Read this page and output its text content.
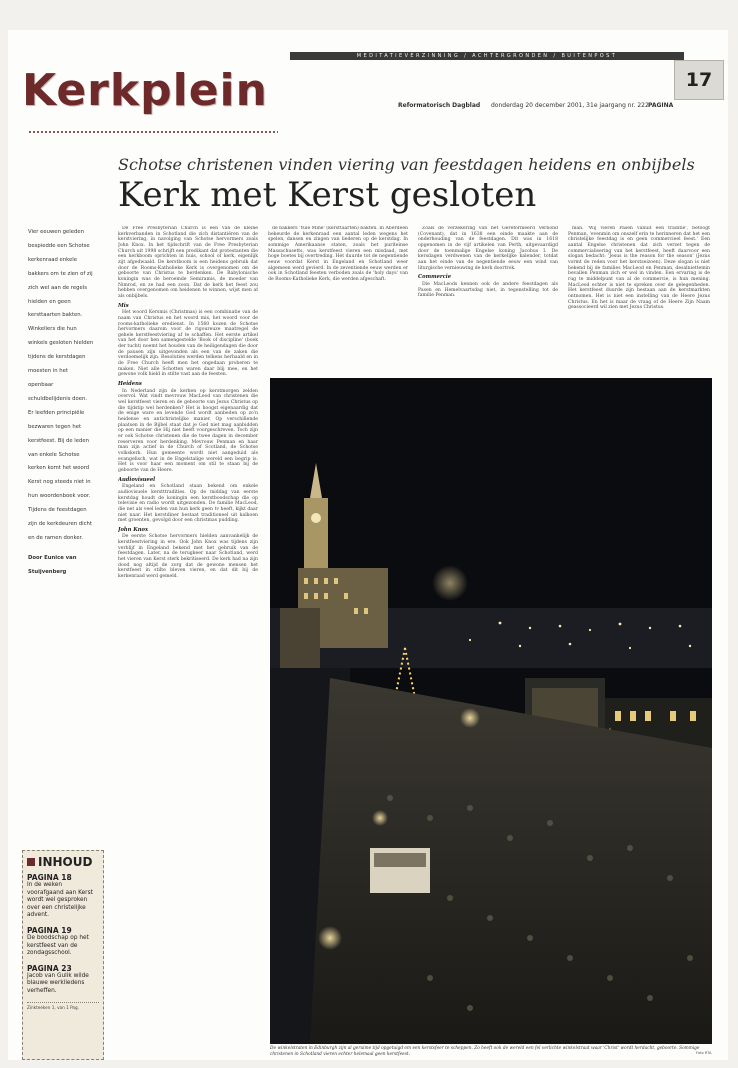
MEDITATIEVERZINNING / ACHTERGRONDEN / BUITENPOST
Kerkplein	Reformatorisch Dagblad donderdag 20 december 2001, 31e jaargang nr. 222 PAGINA
17
Schotse christenen vinden viering van feestdagen heidens en onbijbels
Kerk met Kerst gesloten
Vier eeuwen geleden bespiedde een Schotse kerkenraad enkele bakkers om te zien of zij zich wel aan de regels hielden en geen kersttaarten bakten. Winkeliers die hun winkels gesloten hielden tijdens de kerstdagen moesten in het openbaar schuldbelijdenis doen. Er leefden principiële bezwaren tegen het kerstfeest. Bij de leden van enkele Schotse kerken komt het woord Kerst nog steeds niet in hun woordenboek voor. Tijdens de feestdagen zijn de kerkdeuren dicht en de ramen donker.
Door Eunice van Stuijvenberg

De Free Presbyterian Church is een van de kleine kerkverbanden in Schotland die zich distantiëren van de kerstviering, in navolging van Schotse hervormers zoals John Knox. In het tijdschrift van de Free Presbyterian Church uit 1998 schrijft een predikant dat protestanten die een kerkboom oprichten in huis, school of kerk, eigenlijk zijt afgedwaald. De kerstboom is een heidens gebruik dat door de Rooms-Katholieke Kerk is overgenomen om de geboorte van Christus te herdenken. De Babylonische koningin was de beroemde Semiramis, de moeder van Nimrod, en ze had een zoon. Dat de kerk het feest zou hebben overgenomen om heidenen te winnen, wijst men af als onbijbels.

Mis

Het woord Kersmis (Christmas) is een combinatie van de naam van Christus en het woord mis, het woord voor de rooms-katholieke eredienst. In 1560 kozen de Schotse hervormers daarom voor de rigoureuze maatregel de gehele kerstfeestviering af te schaffen. Het eerste artikel van het door hen samengestelde 'Book of discipline' (boek der tucht) noemt het houden van de heiligendagen die door de pausen zijn uitgevonden als een van de zaken die verdoemelijk zijn. Resoluties werden telkens herhaald en in de Free Church heeft men het ongedaan proberen te maken. Niet alle Schotten waren daar blij mee, en het gewone volk hield in stilte vast aan de feesten.

Heidens

In Nederland zijn de kerken op kerstmorgen zelden overvol. Wat vindt mevrouw MacLeod van christenen die wel kerstfeest vieren en de geboorte van Jezus Christus op die tijdstip wel herdenken? Het is hoogst eigenaardig dat de enige ware en levende God wordt aanbeden op zo'n heidense en antichristelijke manier. Op verschillende plaatsen in de Bijbel staat dat je God niet mag aanbidden op een manier die Hij niet heeft voorgeschreven. Toch zijn er ook Schotse christenen die de twee dagen in december reserveren voor herdenking. Mevrouw Penman en haar man zijn actief in de Church of Scotland, de Schotse volkskerk. Hun gemeente wordt niet aangeduid als evangelisch, wat in de Engelstalige wereld een begrip is. Het is voor haar een moment om stil te staan bij de geboorte van de Heere.

Audiovisueel

Engeland en Schotland staan bekend om enkele audiovisuele kerstttradities. Op de middag van eerste kerstdag houdt de koningin een kerstboodschap die op televisie en radio wordt uitgezonden. De familie MacLeod, die net als veel leden van hun kerk geen tv heeft, kijkt daar niet naar. Het kerstdiner bestaat traditioneel uit kalkoen met groenten, gevolgd door een christmas pudding.

John Knox

De eerste Schotse hervormers hielden aanvankelijk de kerstfeestviering in ere. Ook John Knox was tijdens zijn verblijf in Engeland bekend met het gebruik van de feestdagen. Later, na de terugkeer naar Schotland, werd het vieren van Kerst sterk bekritiseerd. De kerk had na zijn dood nog altijd de zorg dat de gewone mensen het kerstfeest in stilte bleven vieren, en dat dit bij de kerkenraad werd gemeld.

de bakkers 'Yule Mine' (kersttaarten) bakten. In Aberdeen bekeurde de kerkenraad een aantal leden wegens het spelen, dansen en zingen van liederen op de kerstdag. In sommige Amerikaanse staten, zoals het puriteinse Massachusetts, was kerstfeest vieren een misdaad, met hoge boetes bij overtreding. Het duurde tot de negentiende eeuw voordat Kerst in Engeland en Schotland weer algemeen werd gevierd. In de zeventiende eeuw werden er ook in Schotland feesten verboden zoals de 'holy days' van de Rooms-Katholieke Kerk, die werden afgeschaft.

Zoals de verzekering van het Gereformeerd Verbond (Covenant), dat in 1638 een einde maakte aan de onderhouding van de feestdagen. Dit was in 1618 opgenomen in de vijf artikelen van Perth, uitgevaardigd door de toenmalige Engelse koning Jacobus I. De kersdagen verdwenen van de kerkelijke kalender, totdat aan het einde van de negentiende eeuw een wind van liturgische vernieuwing de kerk doortrok.

Commercie

Die MacLeods kennen ook de andere feestdagen als Pasen en Hemelvaartsdag niet, in tegenstelling tot de familie Penman.

man. 'Wij vieren Pasen vanuit een traditie', betoogt Penman, 'evenmin om onszelf erin te herinneren dat het een christelijke feestdag is en geen commercieel feest.' Een aantal Engelse christenen dat zich verzet tegen de commercialisering van het kerstfeest, heeft daarvoor een slogan bedacht: 'Jesus is the reason for the season' (Jezus vormt de reden voor het kerstseizoen). Deze slogan is niet bekend bij de families MacLeod en Penman, desalniettemin bevallen Penman zich er wel in vinden. Een ervaring is de rug te middelpunt van al de commercie, is hun mening. MacLeod echter is niet te spreken over de gelegenheden. Het kerstfeest duurde zijn bestaan aan de kerstmarkten ontnomen. Het is niet een instelling van de Heere Jezus Christus. En het is maar de vraag of de Heere Zijn Naam geassocieerd wil zien met Jezus Christus.

De winkelstraten in Edinburgh zijn al geruime tijd opgetuigd om een kerstsfeer te scheppen. Zo heeft ook de wereld een fel verlichte winkelstraat waar 'Christ' wordt herdacht, geboorte. Sommige christenen in Schotland vieren echter helemaal geen kerstfeest.	Foto RTA
INHOUD
PAGINA 18
In de weken voorafgaand aan Kerst wordt wel gesproken over een christelijke advent.
PAGINA 19
De boodschap op het kerstfeest van de zondagsschool.
PAGINA 23
Jacob van Gulik wilde blauwe werkliedens verheffen.
Zinkteeken 1, van 1 Pag.
